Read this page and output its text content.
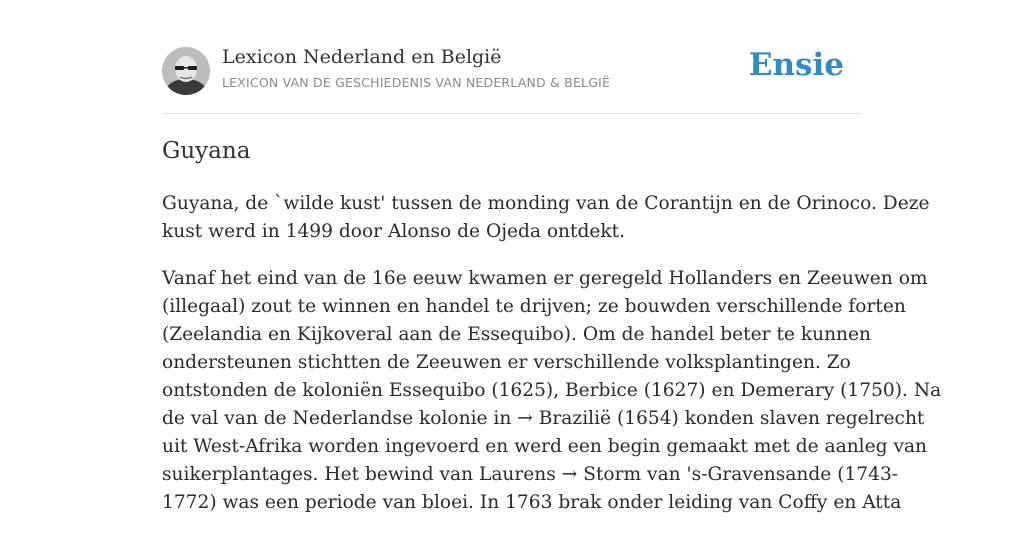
Lexicon Nederland en België
LEXICON VAN DE GESCHIEDENIS VAN NEDERLAND & BELGIË	Ensie
Guyana

Guyana, de `wilde kust' tussen de monding van de Corantijn en de Orinoco. Deze
kust werd in 1499 door Alonso de Ojeda ontdekt.

Vanaf het eind van de 16e eeuw kwamen er geregeld Hollanders en Zeeuwen om
(illegaal) zout te winnen en handel te drijven; ze bouwden verschillende forten
(Zeelandia en Kijkoveral aan de Essequibo). Om de handel beter te kunnen
ondersteunen stichtten de Zeeuwen er verschillende volksplantingen. Zo
ontstonden de koloniën Essequibo (1625), Berbice (1627) en Demerary (1750). Na
de val van de Nederlandse kolonie in → Brazilië (1654) konden slaven regelrecht
uit West-Afrika worden ingevoerd en werd een begin gemaakt met de aanleg van
suikerplantages. Het bewind van Laurens → Storm van 's-Gravensande (1743-
1772) was een periode van bloei. In 1763 brak onder leiding van Coffy en Atta
